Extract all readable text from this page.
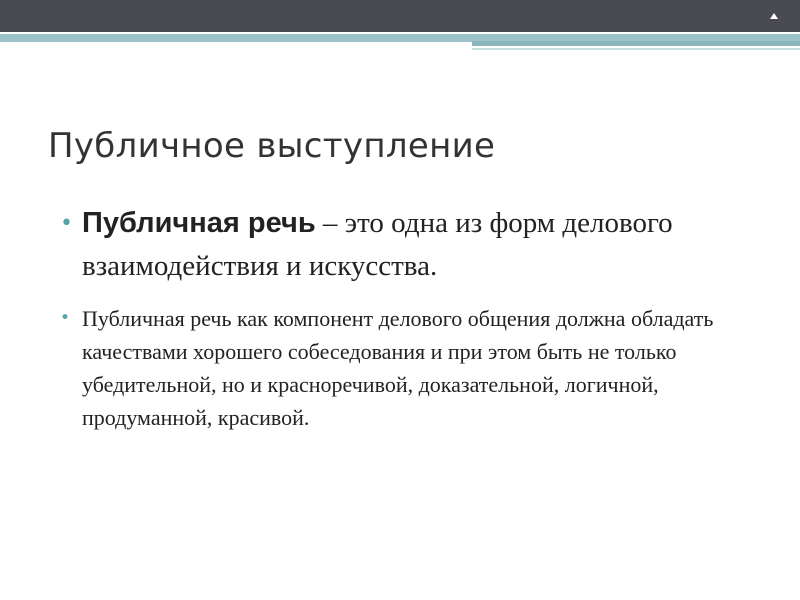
Публичное выступление
• Публичная речь – это одна из форм делового взаимодействия и искусства.
• Публичная речь как компонент делового общения должна обладать качествами хорошего собеседования и при этом быть не только убедительной, но и красноречивой, доказательной, логичной, продуманной, красивой.
